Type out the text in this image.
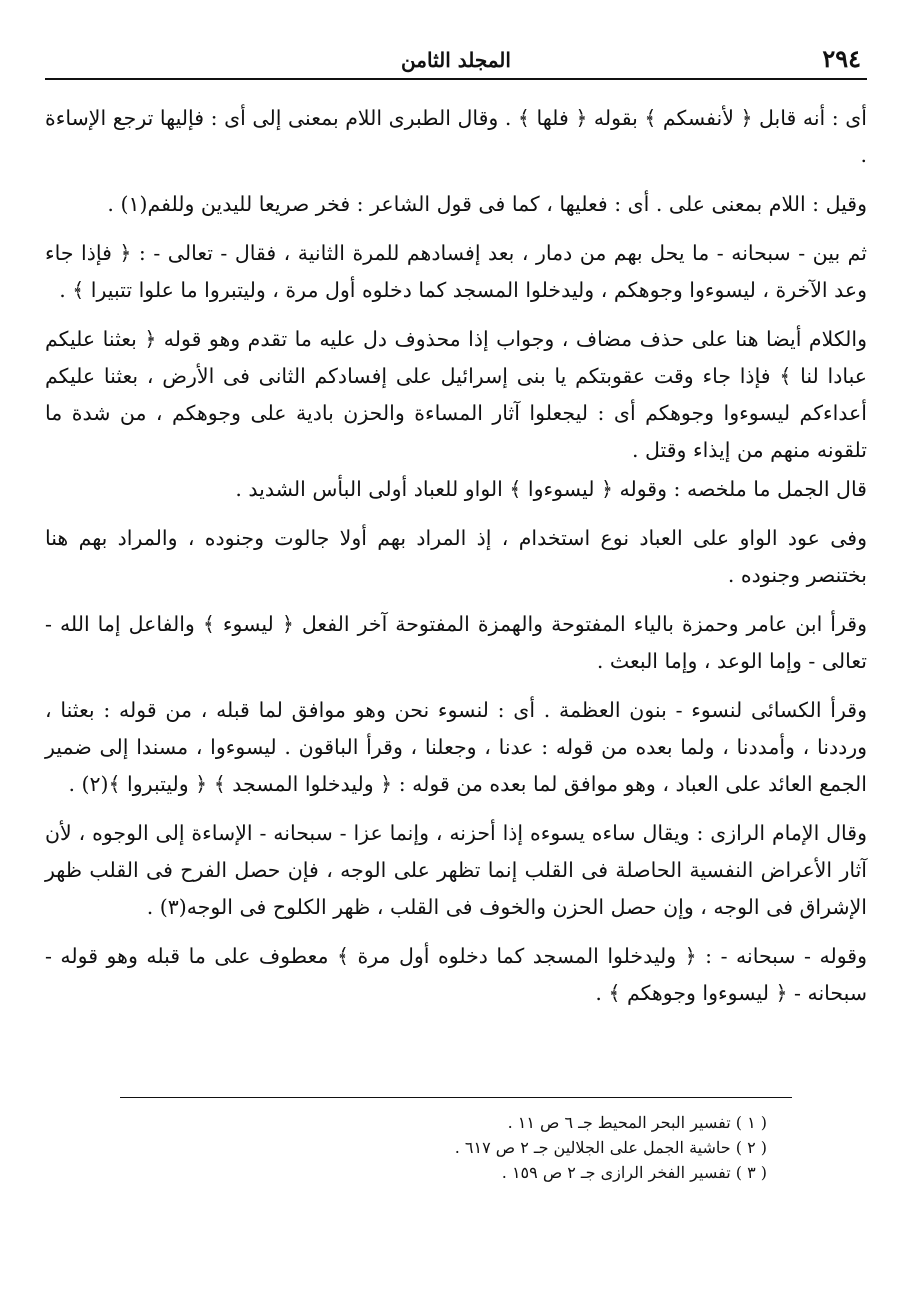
٢٩٤
المجلد الثامن

أى : أنه قابل ﴿ لأنفسكم ﴾ بقوله ﴿ فلها ﴾ . وقال الطبرى اللام بمعنى إلى أى : فإليها ترجع الإساءة .

وقيل : اللام بمعنى على . أى : فعليها ، كما فى قول الشاعر : فخر صريعا لليدين وللفم(١) .

ثم بين - سبحانه - ما يحل بهم من دمار ، بعد إفسادهم للمرة الثانية ، فقال - تعالى - : ﴿ فإذا جاء وعد الآخرة ، ليسوءوا وجوهكم ، وليدخلوا المسجد كما دخلوه أول مرة ، وليتبروا ما علوا تتبيرا ﴾ .

والكلام أيضا هنا على حذف مضاف ، وجواب إذا محذوف دل عليه ما تقدم وهو قوله ﴿ بعثنا عليكم عبادا لنا ﴾ فإذا جاء وقت عقوبتكم يا بنى إسرائيل على إفسادكم الثانى فى الأرض ، بعثنا عليكم أعداءكم ليسوءوا وجوهكم أى : ليجعلوا آثار المساءة والحزن بادية على وجوهكم ، من شدة ما تلقونه منهم من إيذاء وقتل .

قال الجمل ما ملخصه : وقوله ﴿ ليسوءوا ﴾ الواو للعباد أولى البأس الشديد .

وفى عود الواو على العباد نوع استخدام ، إذ المراد بهم أولا جالوت وجنوده ، والمراد بهم هنا بختنصر وجنوده .

وقرأ ابن عامر وحمزة بالياء المفتوحة والهمزة المفتوحة آخر الفعل ﴿ ليسوء ﴾ والفاعل إما الله - تعالى - وإما الوعد ، وإما البعث .

وقرأ الكسائى لنسوء - بنون العظمة . أى : لنسوء نحن وهو موافق لما قبله ، من قوله : بعثنا ، ورددنا ، وأمددنا ، ولما بعده من قوله : عدنا ، وجعلنا ، وقرأ الباقون . ليسوءوا ، مسندا إلى ضمير الجمع العائد على العباد ، وهو موافق لما بعده من قوله : ﴿ وليدخلوا المسجد ﴾ ﴿ وليتبروا ﴾(٢) .

وقال الإمام الرازى : ويقال ساءه يسوءه إذا أحزنه ، وإنما عزا - سبحانه - الإساءة إلى الوجوه ، لأن آثار الأعراض النفسية الحاصلة فى القلب إنما تظهر على الوجه ، فإن حصل الفرح فى القلب ظهر الإشراق فى الوجه ، وإن حصل الحزن والخوف فى القلب ، ظهر الكلوح فى الوجه(٣) .

وقوله - سبحانه - : ﴿ وليدخلوا المسجد كما دخلوه أول مرة ﴾ معطوف على ما قبله وهو قوله - سبحانه - ﴿ ليسوءوا وجوهكم ﴾ .

( ١ ) تفسير البحر المحيط جـ ٦ ص ١١ .
( ٢ ) حاشية الجمل على الجلالين جـ ٢ ص ٦١٧ .
( ٣ ) تفسير الفخر الرازى جـ ٢ ص ١٥٩ .
